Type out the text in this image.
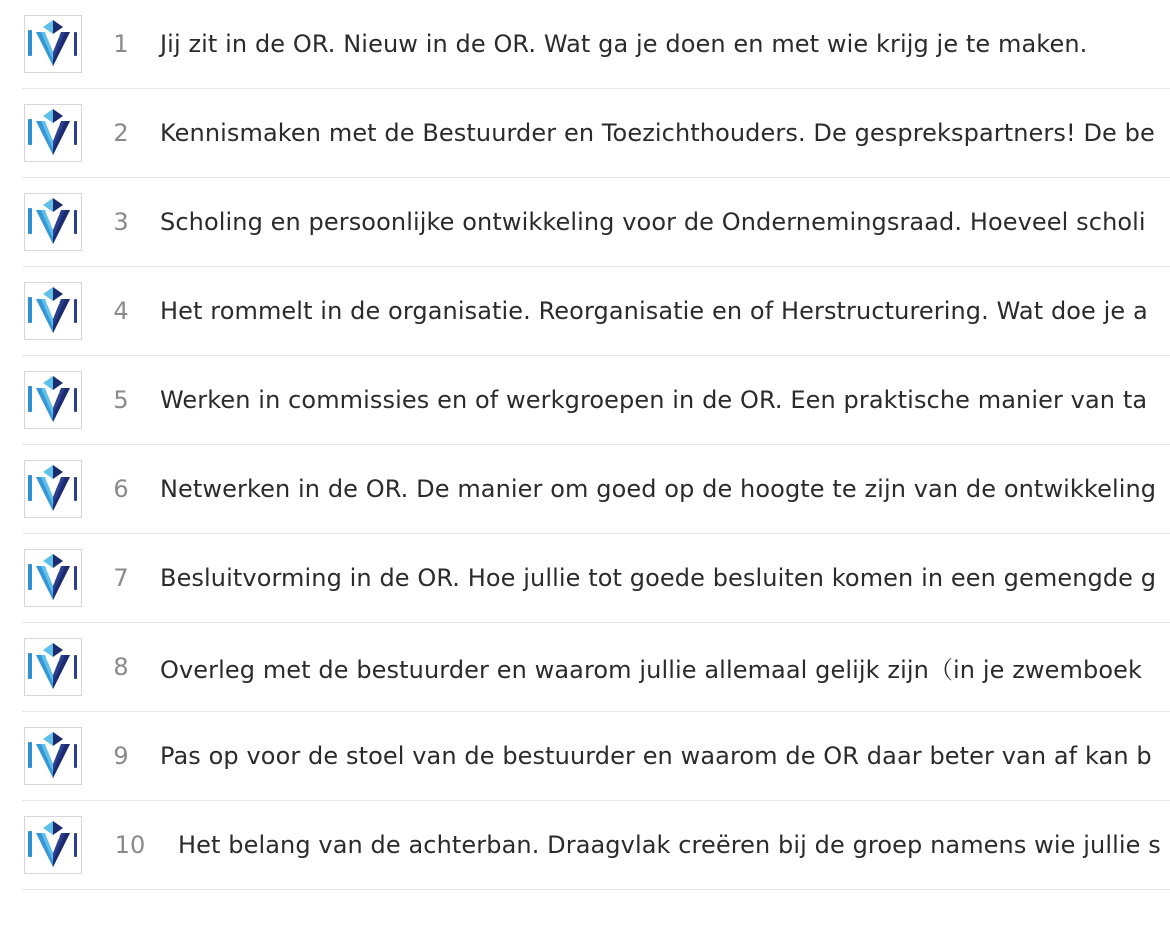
1	Jij zit in de OR. Nieuw in de OR. Wat ga je doen en met wie krijg je te maken.
2	Kennismaken met de Bestuurder en Toezichthouders. De gesprekspartners! De be
3	Scholing en persoonlijke ontwikkeling voor de Ondernemingsraad. Hoeveel scholi
4	Het rommelt in de organisatie. Reorganisatie en of Herstructurering. Wat doe je a
5	Werken in commissies en of werkgroepen in de OR. Een praktische manier van ta
6	Netwerken in de OR. De manier om goed op de hoogte te zijn van de ontwikkeling
7	Besluitvorming in de OR. Hoe jullie tot goede besluiten komen in een gemengde g
8	Overleg met de bestuurder en waarom jullie allemaal gelijk zijn（in je zwemboek
9	Pas op voor de stoel van de bestuurder en waarom de OR daar beter van af kan b
10	Het belang van de achterban. Draagvlak creëren bij de groep namens wie jullie s
